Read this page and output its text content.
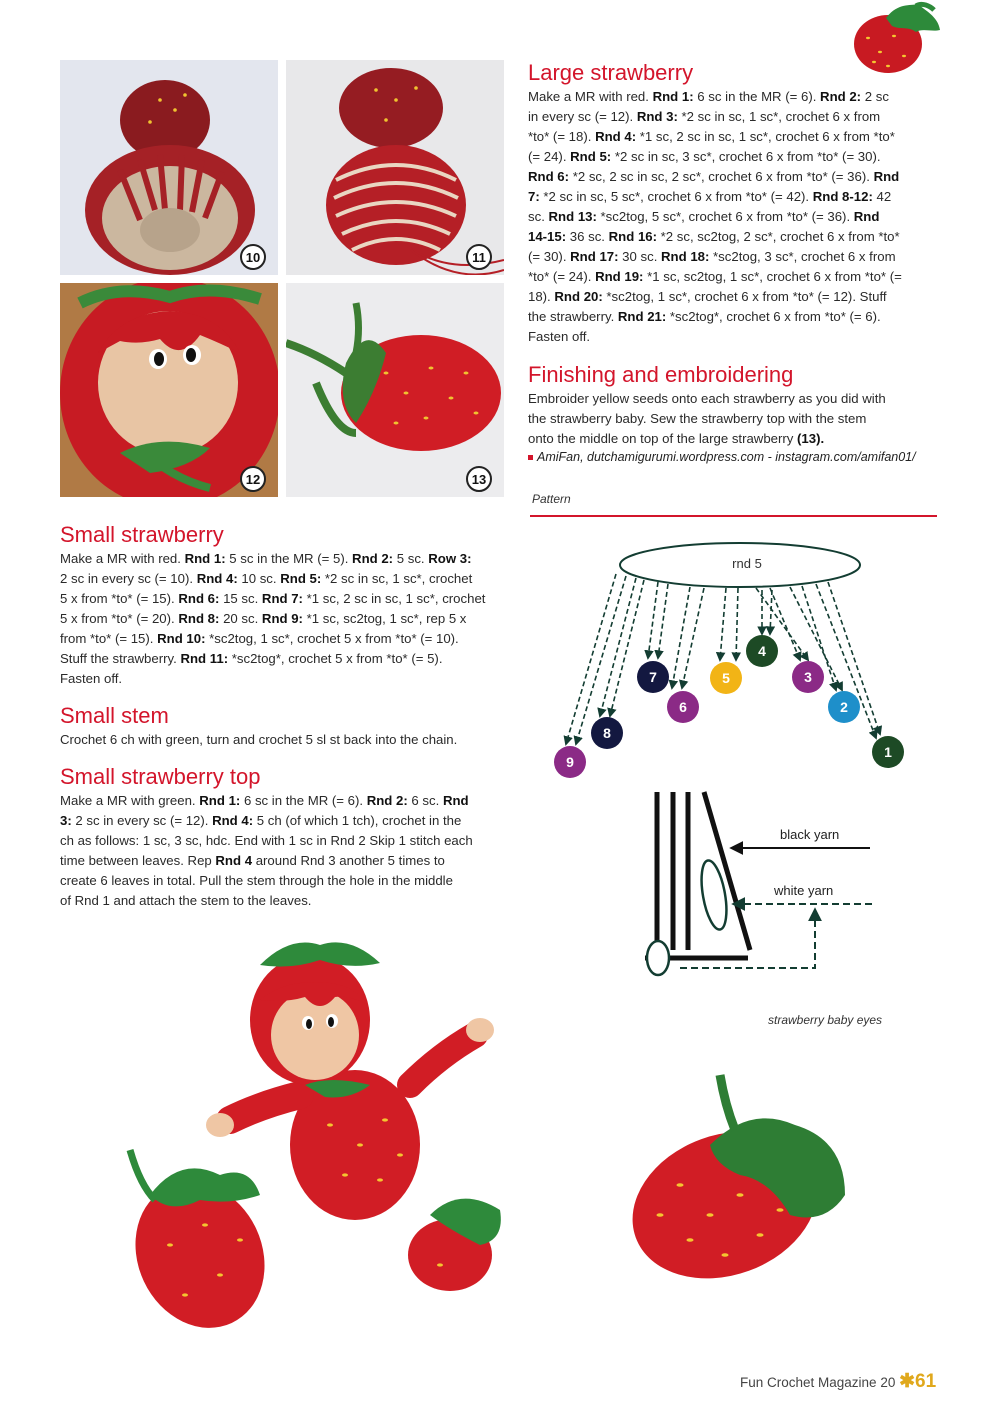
10	11
12	13
Large strawberry
Make a MR with red. Rnd 1: 6 sc in the MR (= 6). Rnd 2: 2 sc
in every sc (= 12). Rnd 3: *2 sc in sc, 1 sc*, crochet 6 x from
*to* (= 18). Rnd 4: *1 sc, 2 sc in sc, 1 sc*, crochet 6 x from *to*
(= 24). Rnd 5: *2 sc in sc, 3 sc*, crochet 6 x from *to* (= 30).
Rnd 6: *2 sc, 2 sc in sc, 2 sc*, crochet 6 x from *to* (= 36). Rnd
7: *2 sc in sc, 5 sc*, crochet 6 x from *to* (= 42). Rnd 8-12: 42
sc. Rnd 13: *sc2tog, 5 sc*, crochet 6 x from *to* (= 36). Rnd
14-15: 36 sc. Rnd 16: *2 sc, sc2tog, 2 sc*, crochet 6 x from *to*
(= 30). Rnd 17: 30 sc. Rnd 18: *sc2tog, 3 sc*, crochet 6 x from
*to* (= 24). Rnd 19: *1 sc, sc2tog, 1 sc*, crochet 6 x from *to* (=
18). Rnd 20: *sc2tog, 1 sc*, crochet 6 x from *to* (= 12). Stuff
the strawberry. Rnd 21: *sc2tog*, crochet 6 x from *to* (= 6).
Fasten off.
Finishing and embroidering
Embroider yellow seeds onto each strawberry as you did with
the strawberry baby. Sew the strawberry top with the stem
onto the middle on top of the large strawberry (13).
AmiFan, dutchamigurumi.wordpress.com - instagram.com/amifan01/
Pattern
Small strawberry
Make a MR with red. Rnd 1: 5 sc in the MR (= 5). Rnd 2: 5 sc. Row 3:
2 sc in every sc (= 10). Rnd 4: 10 sc. Rnd 5: *2 sc in sc, 1 sc*, crochet
5 x from *to* (= 15). Rnd 6: 15 sc. Rnd 7: *1 sc, 2 sc in sc, 1 sc*, crochet
5 x from *to* (= 20). Rnd 8: 20 sc. Rnd 9: *1 sc, sc2tog, 1 sc*, rep 5 x
from *to* (= 15). Rnd 10: *sc2tog, 1 sc*, crochet 5 x from *to* (= 10).
Stuff the strawberry. Rnd 11: *sc2tog*, crochet 5 x from *to* (= 5).
Fasten off.
Small stem
Crochet 6 ch with green, turn and crochet 5 sl st back into the chain.
Small strawberry top
Make a MR with green. Rnd 1: 6 sc in the MR (= 6). Rnd 2: 6 sc. Rnd
3: 2 sc in every sc (= 12). Rnd 4: 5 ch (of which 1 tch), crochet in the
ch as follows: 1 sc, 3 sc, hdc. End with 1 sc in Rnd 2 Skip 1 stitch each
time between leaves. Rep Rnd 4 around Rnd 3 another 5 times to
create 6 leaves in total. Pull the stem through the hole in the middle
of Rnd 1 and attach the stem to the leaves.
rnd 5
1
2
3
4
5
6
7
8
9
black yarn
white yarn
strawberry baby eyes
Fun Crochet Magazine 20 ✱61
